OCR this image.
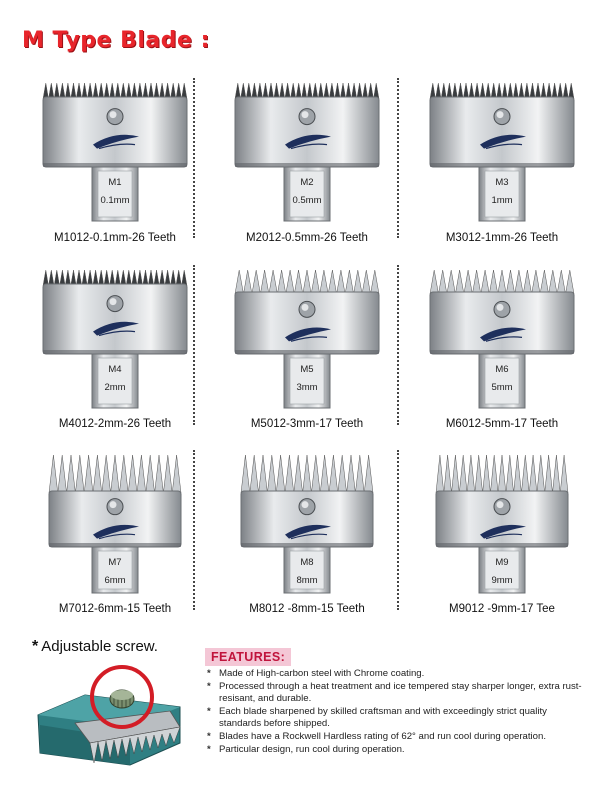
M Type Blade :
M1
0.1mm
M1012-0.1mm-26 Teeth
M2
0.5mm
M2012-0.5mm-26 Teeth
M3
1mm
M3012-1mm-26 Teeth
M4
2mm
M4012-2mm-26 Teeth
M5
3mm
M5012-3mm-17 Teeth
M6
5mm
M6012-5mm-17 Teeth
M7
6mm
M7012-6mm-15 Teeth
M8
8mm
M8012 -8mm-15 Teeth
M9
9mm
M9012 -9mm-17 Tee
* Adjustable screw.
FEATURES:
* Made of High-carbon steel with Chrome coating.
* Processed through a heat treatment and ice tempered stay sharper longer, extra rust-resisant, and durable.
* Each blade sharpened by skilled craftsman and with exceedingly strict quality standards before shipped.
* Blades have a Rockwell Hardless rating of 62° and run cool during operation.
* Particular design, run cool during operation.
